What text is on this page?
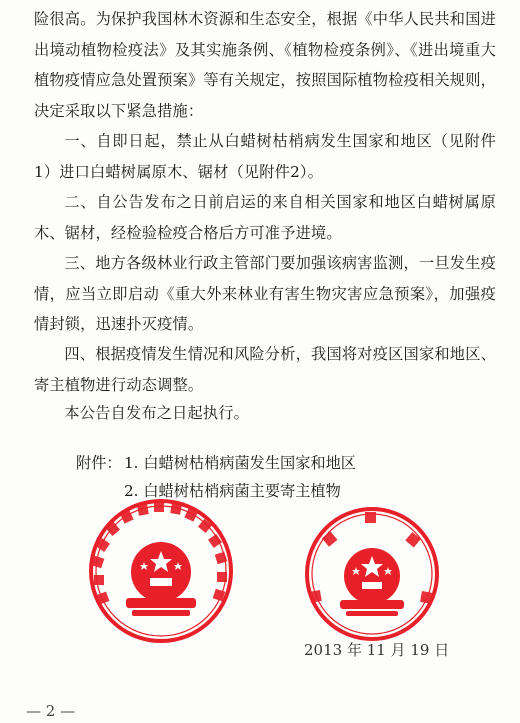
险很高。为保护我国林木资源和生态安全，根据《中华人民共和国进出境动植物检疫法》及其实施条例、《植物检疫条例》、《进出境重大植物疫情应急处置预案》等有关规定，按照国际植物检疫相关规则，决定采取以下紧急措施：

一、自即日起，禁止从白蜡树枯梢病发生国家和地区（见附件1）进口白蜡树属原木、锯材（见附件2）。

二、自公告发布之日前启运的来自相关国家和地区白蜡树属原木、锯材，经检验检疫合格后方可准予进境。

三、地方各级林业行政主管部门要加强该病害监测，一旦发生疫情，应当立即启动《重大外来林业有害生物灾害应急预案》，加强疫情封锁，迅速扑灭疫情。

四、根据疫情发生情况和风险分析，我国将对疫区国家和地区、寄主植物进行动态调整。

本公告自发布之日起执行。

附件： 1. 白蜡树枯梢病菌发生国家和地区

2. 白蜡树枯梢病菌主要寄主植物

2013 年 11 月 19 日

— 2 —
